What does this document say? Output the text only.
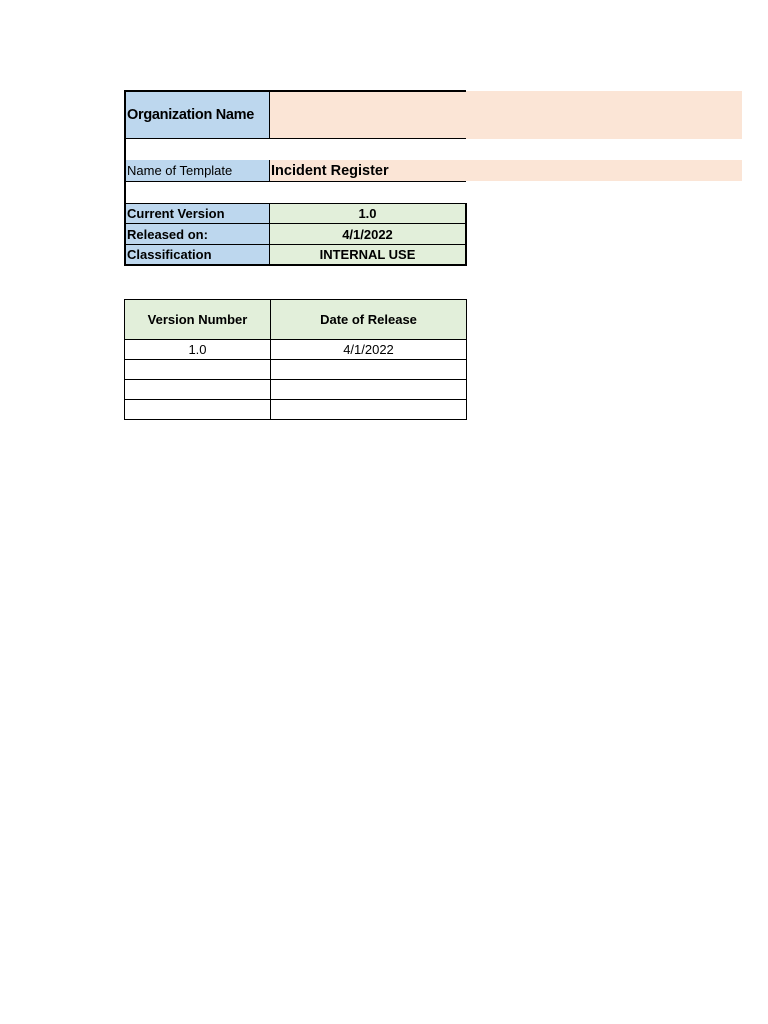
Organization Name
Name of Template	Incident Register
Current Version	1.0
Released on:	4/1/2022
Classification	INTERNAL USE
Version Number	Date of Release
1.0	4/1/2022
